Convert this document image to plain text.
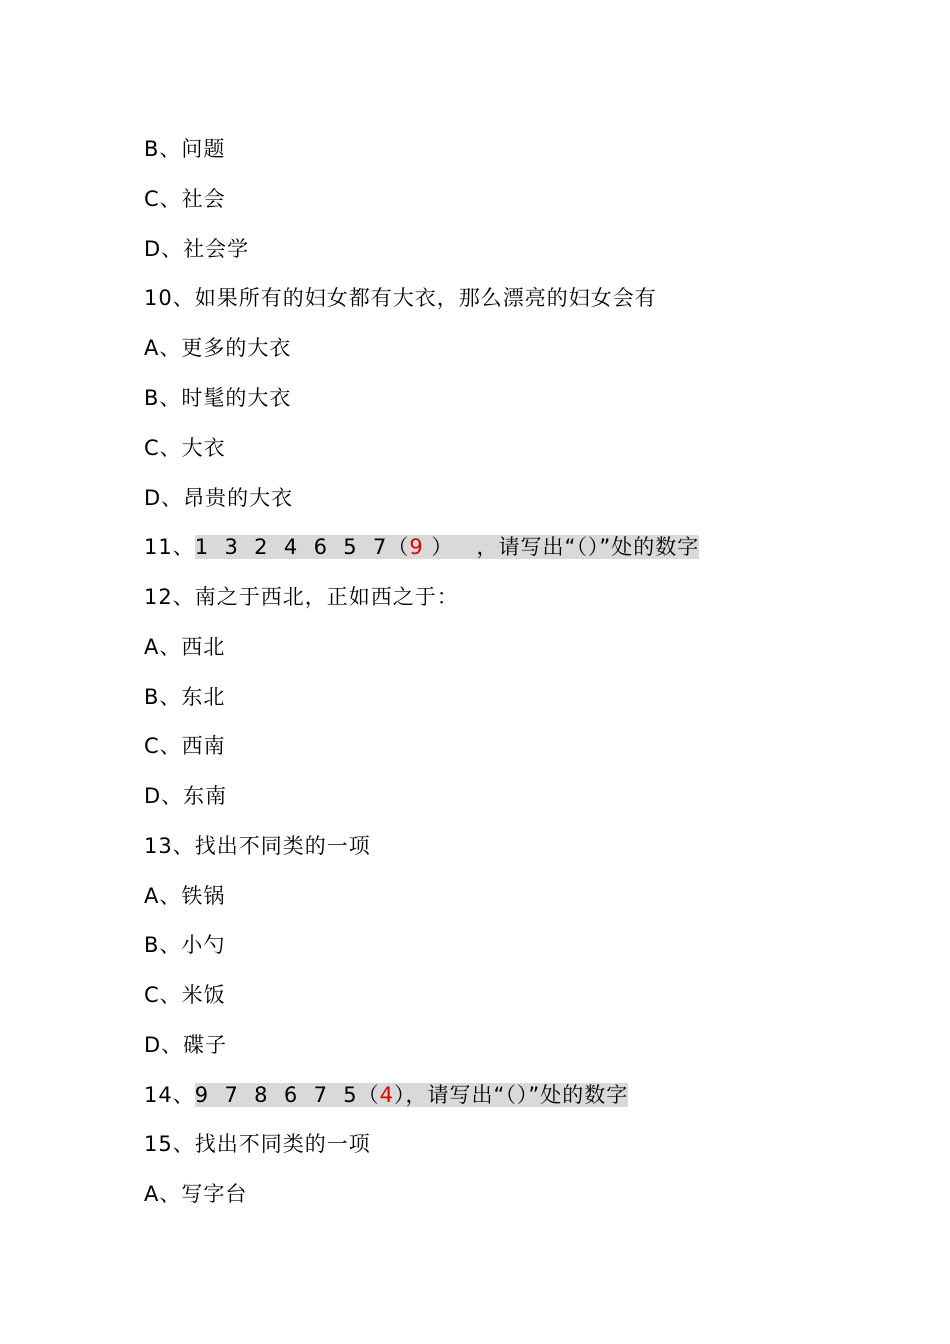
B、问题
C、社会
D、社会学
10、如果所有的妇女都有大衣，那么漂亮的妇女会有
A、更多的大衣
B、时髦的大衣
C、大衣
D、昂贵的大衣
11、1  3  2  4  6  5  7（9 ）   ，请写出“（）”处的数字
12、南之于西北，正如西之于：
A、西北
B、东北
C、西南
D、东南
13、找出不同类的一项
A、铁锅
B、小勺
C、米饭
D、碟子
14、9  7  8  6  7  5（4），请写出“（）”处的数字
15、找出不同类的一项
A、写字台
